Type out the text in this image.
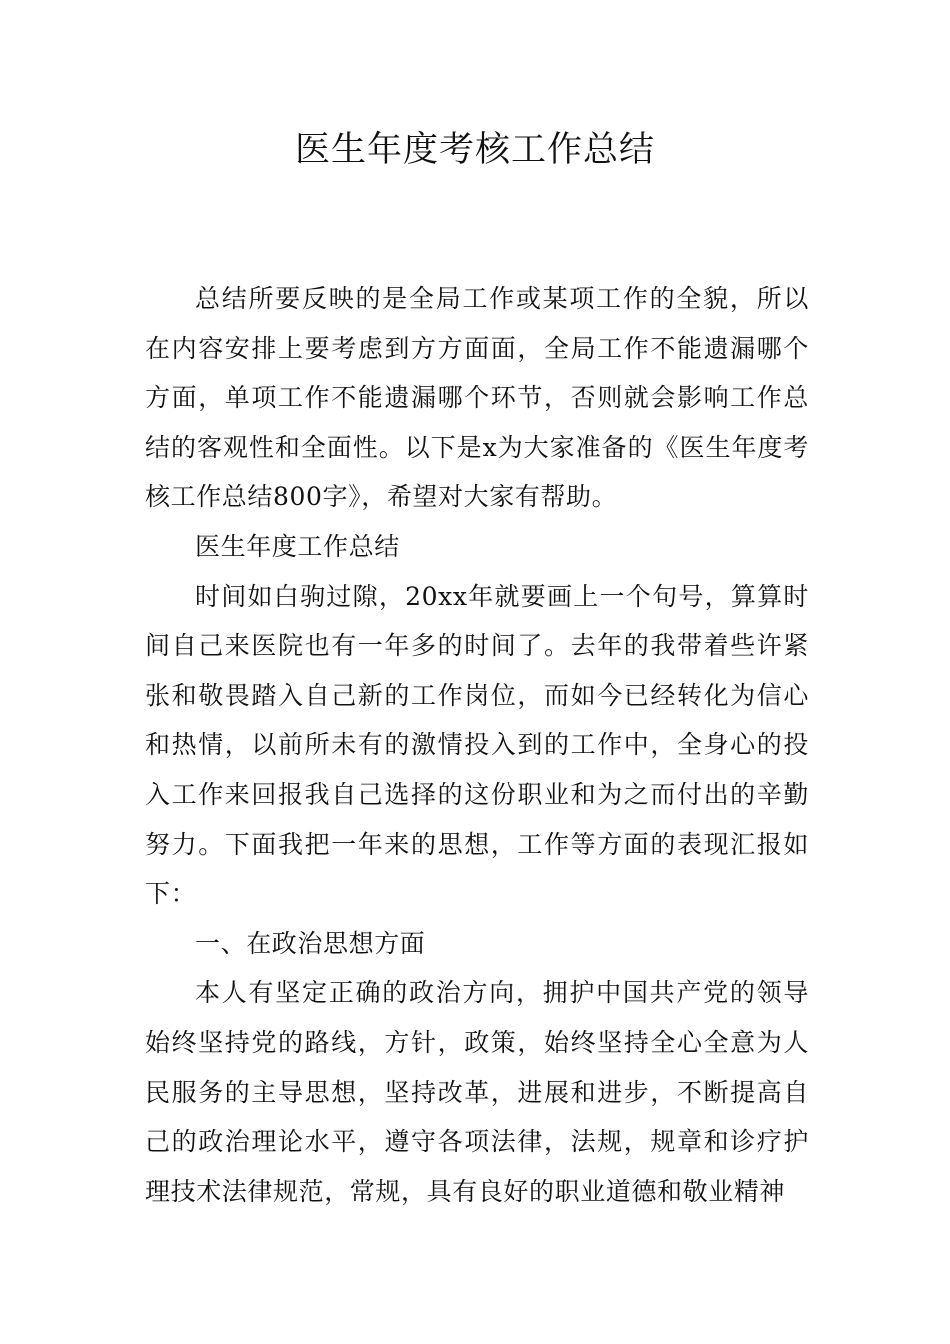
医生年度考核工作总结

总结所要反映的是全局工作或某项工作的全貌，所以在内容安排上要考虑到方方面面，全局工作不能遗漏哪个方面，单项工作不能遗漏哪个环节，否则就会影响工作总结的客观性和全面性。以下是x为大家准备的《医生年度考核工作总结800字》，希望对大家有帮助。

医生年度工作总结

时间如白驹过隙，20xx年就要画上一个句号，算算时间自己来医院也有一年多的时间了。去年的我带着些许紧张和敬畏踏入自己新的工作岗位，而如今已经转化为信心和热情，以前所未有的激情投入到的工作中，全身心的投入工作来回报我自己选择的这份职业和为之而付出的辛勤努力。下面我把一年来的思想，工作等方面的表现汇报如下：

一、在政治思想方面

本人有坚定正确的政治方向，拥护中国共产党的领导始终坚持党的路线，方针，政策，始终坚持全心全意为人民服务的主导思想，坚持改革，进展和进步，不断提高自己的政治理论水平，遵守各项法律，法规，规章和诊疗护理技术法律规范，常规，具有良好的职业道德和敬业精神
